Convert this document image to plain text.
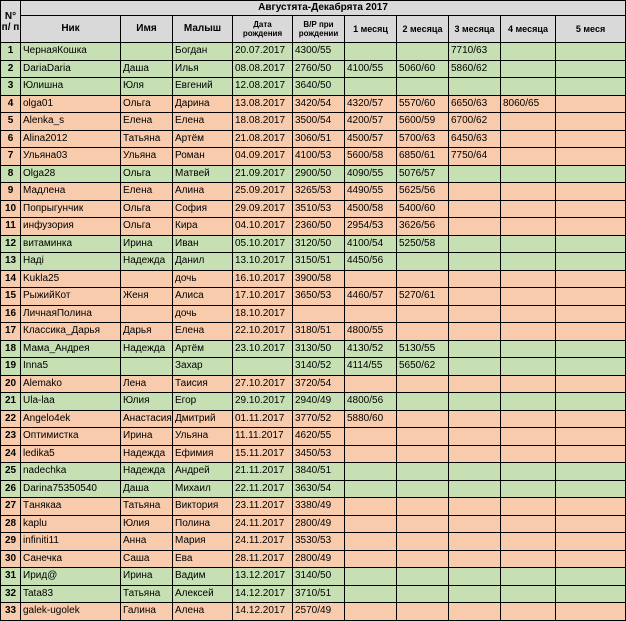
N° п/ п	Августята-Декабрята 2017									
	Ник	Имя	Малыш	Дата рождения	В/Р при рождении	1 месяц	2 месяца	3 месяца	4 месяца	5 меся
1	ЧернаяКошка		Богдан	20.07.2017	4300/55			7710/63		
2	DariaDaria	Даша	Илья	08.08.2017	2760/50	4100/55	5060/60	5860/62		
3	Юлишна	Юля	Евгений	12.08.2017	3640/50					
4	olga01	Ольга	Дарина	13.08.2017	3420/54	4320/57	5570/60	6650/63	8060/65	
5	Alenka_s	Елена	Елена	18.08.2017	3500/54	4200/57	5600/59	6700/62		
6	Alina2012	Татьяна	Артём	21.08.2017	3060/51	4500/57	5700/63	6450/63		
7	Ульяна03	Ульяна	Роман	04.09.2017	4100/53	5600/58	6850/61	7750/64		
8	Olga28	Ольга	Матвей	21.09.2017	2900/50	4090/55	5076/57			
9	Мадлена	Елена	Алина	25.09.2017	3265/53	4490/55	5625/56			
10	Попрыгунчик	Ольга	София	29.09.2017	3510/53	4500/58	5400/60			
11	инфузория	Ольга	Кира	04.10.2017	2360/50	2954/53	3626/56			
12	витаминка	Ирина	Иван	05.10.2017	3120/50	4100/54	5250/58			
13	Наді	Надежда	Данил	13.10.2017	3150/51	4450/56				
14	Kukla25		дочь	16.10.2017	3900/58					
15	РыжийКот	Женя	Алиса	17.10.2017	3650/53	4460/57	5270/61			
16	ЛичнаяПолина		дочь	18.10.2017						
17	Классика_Дарья	Дарья	Елена	22.10.2017	3180/51	4800/55				
18	Мама_Андрея	Надежда	Артём	23.10.2017	3130/50	4130/52	5130/55			
19	Inna5		Захар		3140/52	4114/55	5650/62			
20	Alemako	Лена	Таисия	27.10.2017	3720/54					
21	Ula-laa	Юлия	Егор	29.10.2017	2940/49	4800/56				
22	Angelo4ek	Анастасия	Дмитрий	01.11.2017	3770/52	5880/60				
23	Оптимистка	Ирина	Ульяна	11.11.2017	4620/55					
24	ledika5	Надежда	Ефимия	15.11.2017	3450/53					
25	nadechka	Надежда	Андрей	21.11.2017	3840/51					
26	Darina75350540	Даша	Михаил	22.11.2017	3630/54					
27	Tанякаа	Татьяна	Виктория	23.11.2017	3380/49					
28	kaplu	Юлия	Полина	24.11.2017	2800/49					
29	infiniti11	Анна	Мария	24.11.2017	3530/53					
30	Санечка	Саша	Ева	28.11.2017	2800/49					
31	Ирид@	Ирина	Вадим	13.12.2017	3140/50					
32	Tata83	Татьяна	Алексей	14.12.2017	3710/51					
33	galek-ugolek	Галина	Алена	14.12.2017	2570/49					
